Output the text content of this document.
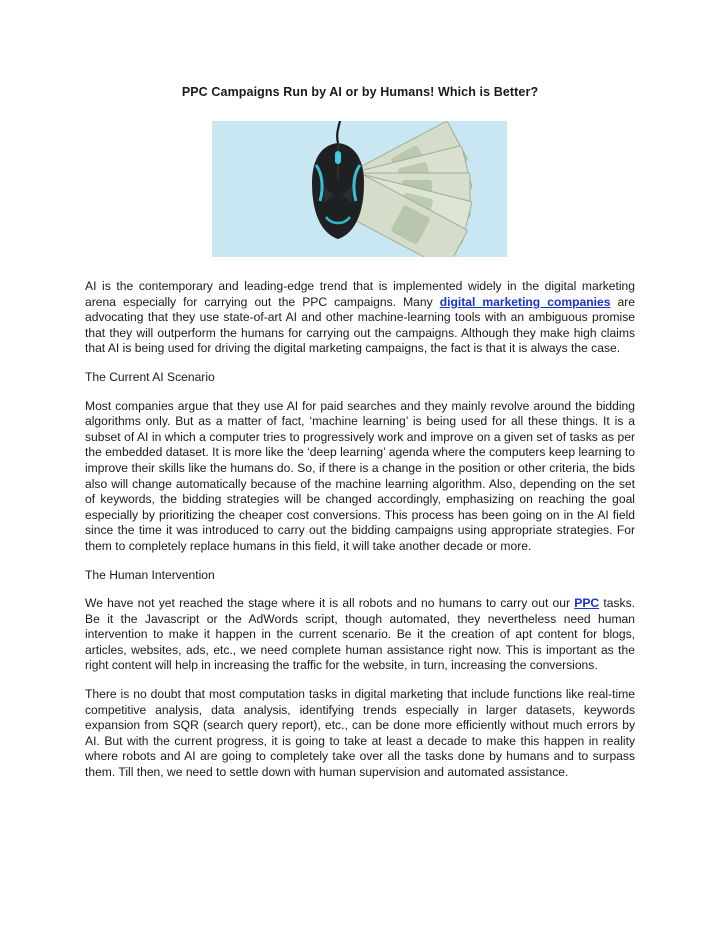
PPC Campaigns Run by AI or by Humans! Which is Better?

AI is the contemporary and leading-edge trend that is implemented widely in the digital marketing arena especially for carrying out the PPC campaigns. Many digital marketing companies are advocating that they use state-of-art AI and other machine-learning tools with an ambiguous promise that they will outperform the humans for carrying out the campaigns. Although they make high claims that AI is being used for driving the digital marketing campaigns, the fact is that it is always the case.

The Current AI Scenario

Most companies argue that they use AI for paid searches and they mainly revolve around the bidding algorithms only. But as a matter of fact, ‘machine learning’ is being used for all these things. It is a subset of AI in which a computer tries to progressively work and improve on a given set of tasks as per the embedded dataset. It is more like the ‘deep learning’ agenda where the computers keep learning to improve their skills like the humans do. So, if there is a change in the position or other criteria, the bids also will change automatically because of the machine learning algorithm. Also, depending on the set of keywords, the bidding strategies will be changed accordingly, emphasizing on reaching the goal especially by prioritizing the cheaper cost conversions. This process has been going on in the AI field since the time it was introduced to carry out the bidding campaigns using appropriate strategies. For them to completely replace humans in this field, it will take another decade or more.

The Human Intervention

We have not yet reached the stage where it is all robots and no humans to carry out our PPC tasks. Be it the Javascript or the AdWords script, though automated, they nevertheless need human intervention to make it happen in the current scenario. Be it the creation of apt content for blogs, articles, websites, ads, etc., we need complete human assistance right now. This is important as the right content will help in increasing the traffic for the website, in turn, increasing the conversions.

There is no doubt that most computation tasks in digital marketing that include functions like real-time competitive analysis, data analysis, identifying trends especially in larger datasets, keywords expansion from SQR (search query report), etc., can be done more efficiently without much errors by AI. But with the current progress, it is going to take at least a decade to make this happen in reality where robots and AI are going to completely take over all the tasks done by humans and to surpass them. Till then, we need to settle down with human supervision and automated assistance.
